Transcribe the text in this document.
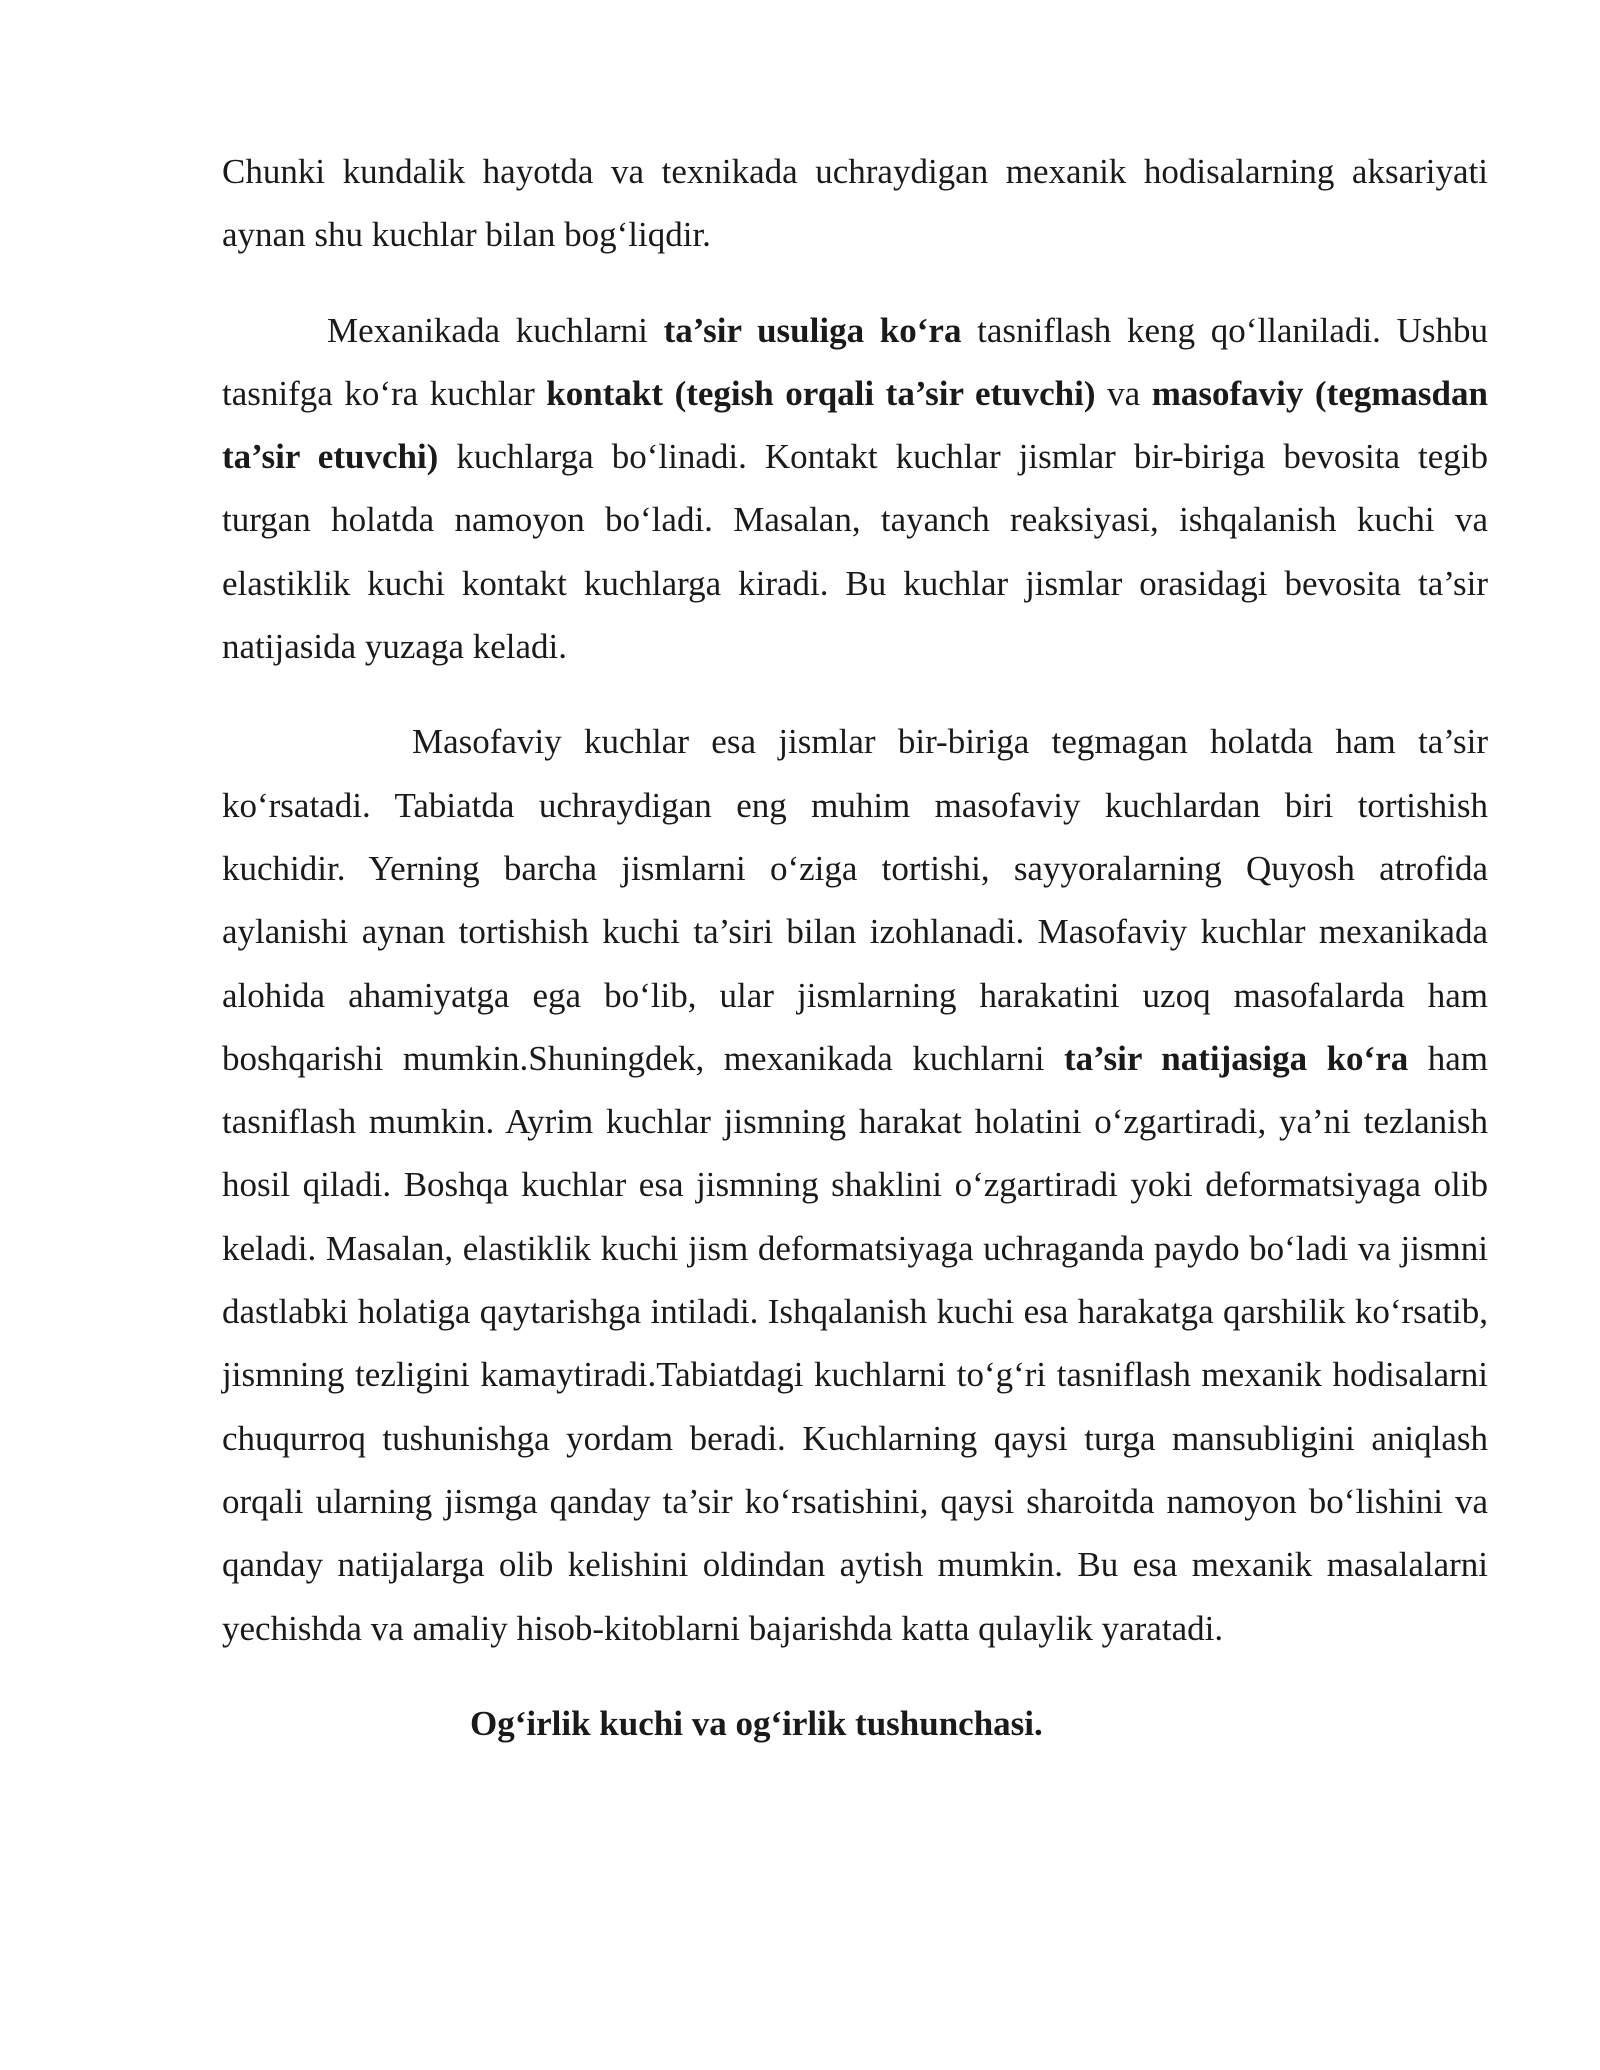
Chunki kundalik hayotda va texnikada uchraydigan mexanik hodisalarning aksariyati aynan shu kuchlar bilan bog‘liqdir.

Mexanikada kuchlarni ta’sir usuliga ko‘ra tasniflash keng qo‘llaniladi. Ushbu tasnifga ko‘ra kuchlar kontakt (tegish orqali ta’sir etuvchi) va masofaviy (tegmasdan ta’sir etuvchi) kuchlarga bo‘linadi. Kontakt kuchlar jismlar bir-biriga bevosita tegib turgan holatda namoyon bo‘ladi. Masalan, tayanch reaksiyasi, ishqalanish kuchi va elastiklik kuchi kontakt kuchlarga kiradi. Bu kuchlar jismlar orasidagi bevosita ta’sir natijasida yuzaga keladi.

Masofaviy kuchlar esa jismlar bir-biriga tegmagan holatda ham ta’sir ko‘rsatadi. Tabiatda uchraydigan eng muhim masofaviy kuchlardan biri tortishish kuchidir. Yerning barcha jismlarni o‘ziga tortishi, sayyoralarning Quyosh atrofida aylanishi aynan tortishish kuchi ta’siri bilan izohlanadi. Masofaviy kuchlar mexanikada alohida ahamiyatga ega bo‘lib, ular jismlarning harakatini uzoq masofalarda ham boshqarishi mumkin.Shuningdek, mexanikada kuchlarni ta’sir natijasiga ko‘ra ham tasniflash mumkin. Ayrim kuchlar jismning harakat holatini o‘zgartiradi, ya’ni tezlanish hosil qiladi. Boshqa kuchlar esa jismning shaklini o‘zgartiradi yoki deformatsiyaga olib keladi. Masalan, elastiklik kuchi jism deformatsiyaga uchraganda paydo bo‘ladi va jismni dastlabki holatiga qaytarishga intiladi. Ishqalanish kuchi esa harakatga qarshilik ko‘rsatib, jismning tezligini kamaytiradi.Tabiatdagi kuchlarni to‘g‘ri tasniflash mexanik hodisalarni chuqurroq tushunishga yordam beradi. Kuchlarning qaysi turga mansubligini aniqlash orqali ularning jismga qanday ta’sir ko‘rsatishini, qaysi sharoitda namoyon bo‘lishini va qanday natijalarga olib kelishini oldindan aytish mumkin. Bu esa mexanik masalalarni yechishda va amaliy hisob-kitoblarni bajarishda katta qulaylik yaratadi.

Og‘irlik kuchi va og‘irlik tushunchasi.
